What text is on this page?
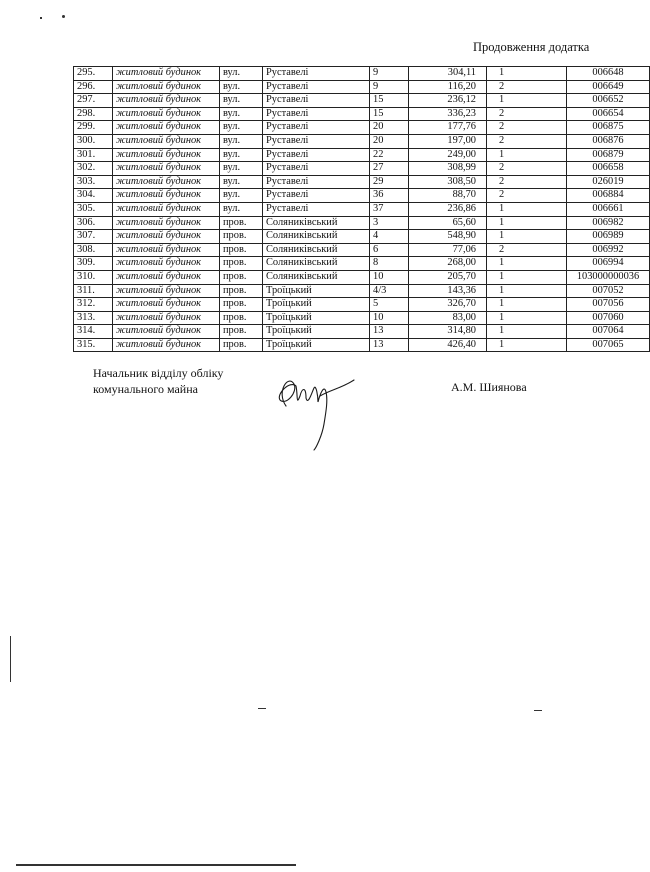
Продовження додатка
295.	житловий будинок	вул.	Руставелі	9	304,11	1	006648
296.	житловий будинок	вул.	Руставелі	9	116,20	2	006649
297.	житловий будинок	вул.	Руставелі	15	236,12	1	006652
298.	житловий будинок	вул.	Руставелі	15	336,23	2	006654
299.	житловий будинок	вул.	Руставелі	20	177,76	2	006875
300.	житловий будинок	вул.	Руставелі	20	197,00	2	006876
301.	житловий будинок	вул.	Руставелі	22	249,00	1	006879
302.	житловий будинок	вул.	Руставелі	27	308,99	2	006658
303.	житловий будинок	вул.	Руставелі	29	308,50	2	026019
304.	житловий будинок	вул.	Руставелі	36	88,70	2	006884
305.	житловий будинок	вул.	Руставелі	37	236,86	1	006661
306.	житловий будинок	пров.	Соляниківський	3	65,60	1	006982
307.	житловий будинок	пров.	Соляниківський	4	548,90	1	006989
308.	житловий будинок	пров.	Соляниківський	6	77,06	2	006992
309.	житловий будинок	пров.	Соляниківський	8	268,00	1	006994
310.	житловий будинок	пров.	Соляниківський	10	205,70	1	103000000036
311.	житловий будинок	пров.	Троїцький	4/3	143,36	1	007052
312.	житловий будинок	пров.	Троїцький	5	326,70	1	007056
313.	житловий будинок	пров.	Троїцький	10	83,00	1	007060
314.	житловий будинок	пров.	Троїцький	13	314,80	1	007064
315.	житловий будинок	пров.	Троїцький	13	426,40	1	007065
Начальник відділу обліку
комунального майна	А.М. Шиянова
